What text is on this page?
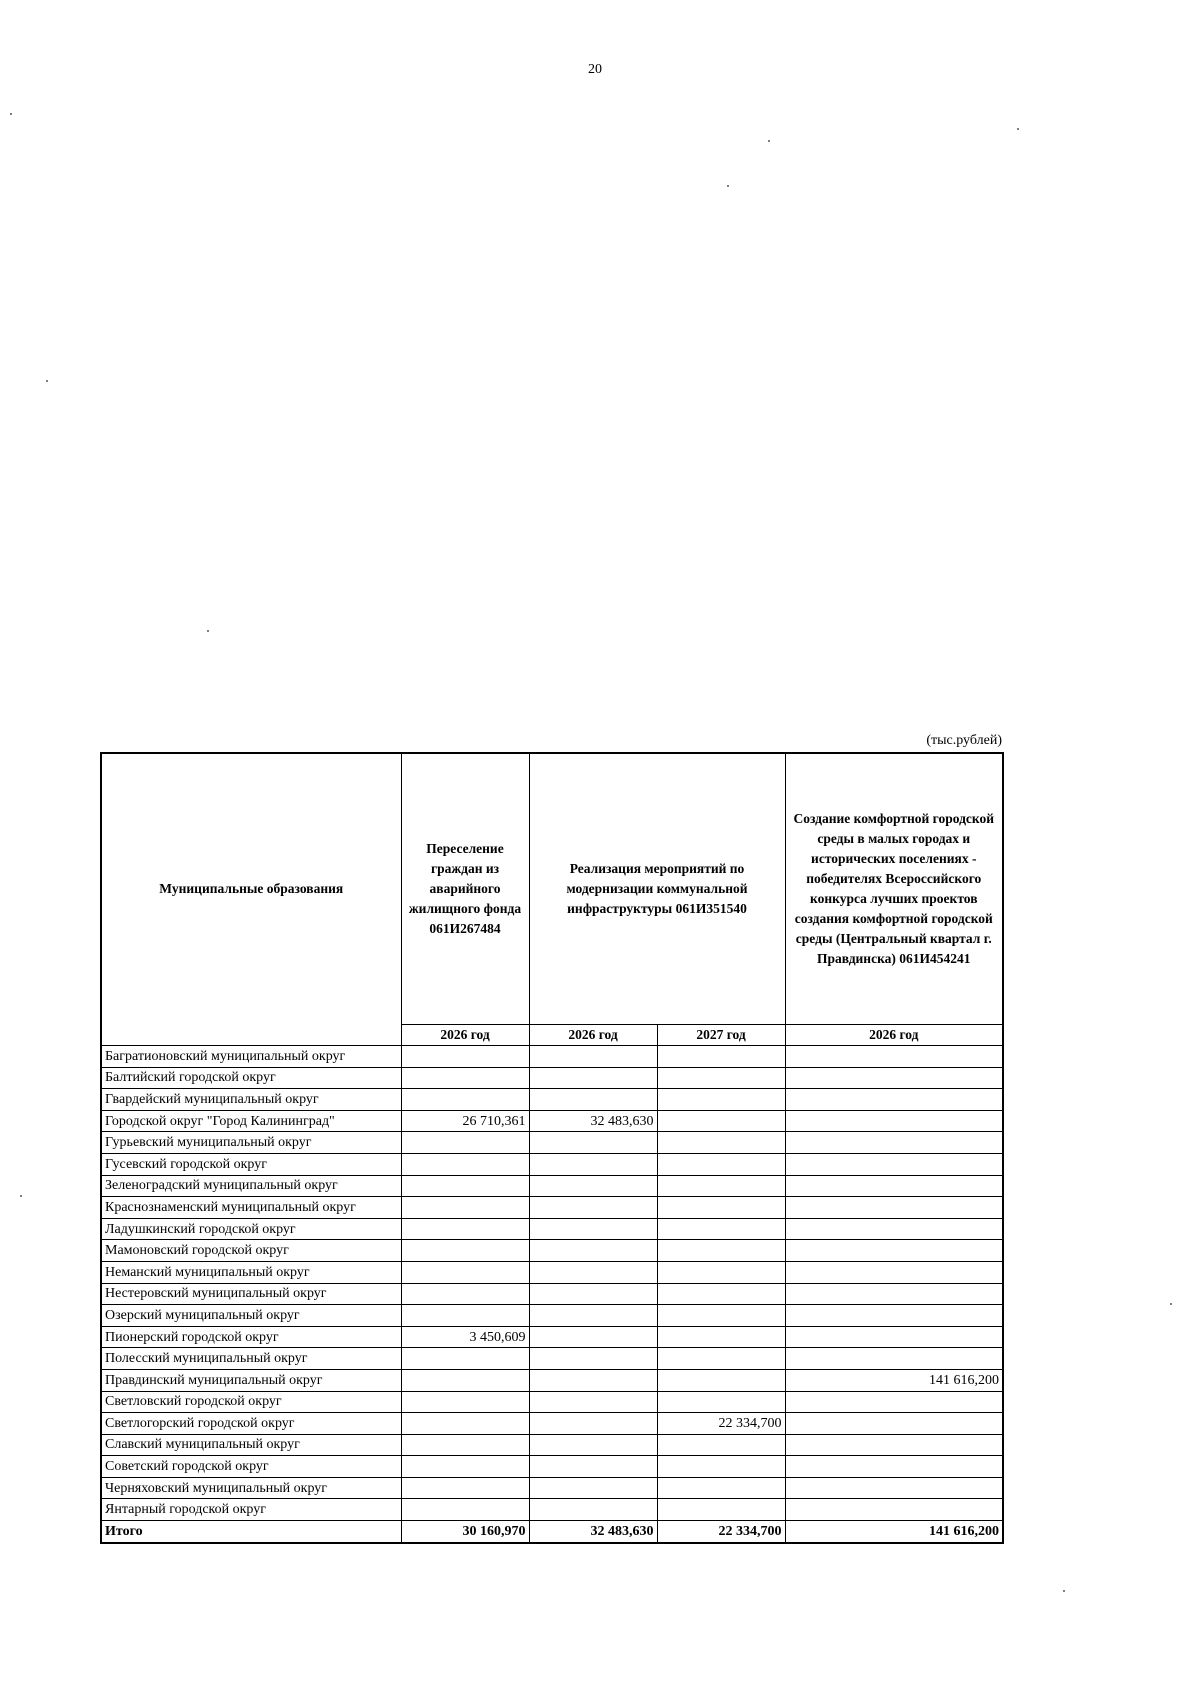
20
(тыс.рублей)
Муниципальные образования	Переселение граждан из аварийного жилищного фонда 061И267484	Реализация мероприятий по модернизации коммунальной инфраструктуры 061И351540		Создание комфортной городской среды в малых городах и исторических поселениях - победителях Всероссийского конкурса лучших проектов создания комфортной городской среды (Центральный квартал г. Правдинска) 061И454241
	2026 год	2026 год	2027 год	2026 год
Багратионовский муниципальный округ				
Балтийский городской округ				
Гвардейский муниципальный округ				
Городской округ "Город Калининград"	26 710,361	32 483,630		
Гурьевский муниципальный округ				
Гусевский городской округ				
Зеленоградский муниципальный округ				
Краснознаменский муниципальный округ				
Ладушкинский городской округ				
Мамоновский городской округ				
Неманский муниципальный округ				
Нестеровский муниципальный округ				
Озерский муниципальный округ				
Пионерский городской округ	3 450,609			
Полесский муниципальный округ				
Правдинский муниципальный округ				141 616,200
Светловский городской округ				
Светлогорский городской округ			22 334,700	
Славский муниципальный округ				
Советский городской округ				
Черняховский муниципальный округ				
Янтарный городской округ				
Итого	30 160,970	32 483,630	22 334,700	141 616,200
